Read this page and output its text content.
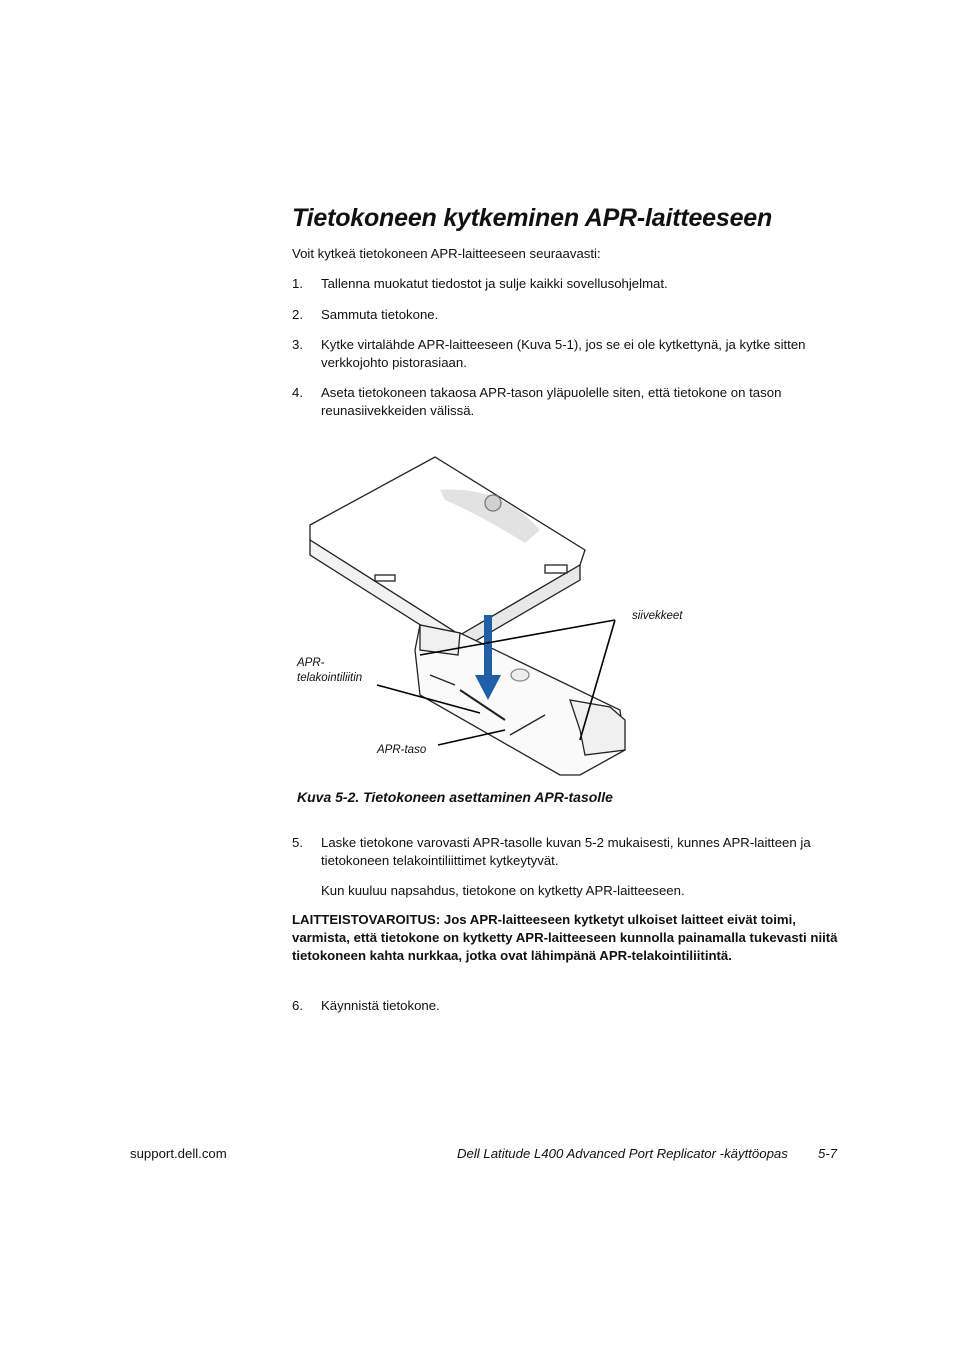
Tietokoneen kytkeminen APR-laitteeseen
Voit kytkeä tietokoneen APR-laitteeseen seuraavasti:
1.	Tallenna muokatut tiedostot ja sulje kaikki sovellusohjelmat.
2.	Sammuta tietokone.
3.	Kytke virtalähde APR-laitteeseen (Kuva 5-1), jos se ei ole kytkettynä, ja kytke sitten verkkojohto pistorasiaan.
4.	Aseta tietokoneen takaosa APR-tason yläpuolelle siten, että tietokone on tason reunasiivekkeiden välissä.
siivekkeet
APR-
telakointiliitin
APR-taso
Kuva 5-2. Tietokoneen asettaminen APR-tasolle
5.	Laske tietokone varovasti APR-tasolle kuvan 5-2 mukaisesti, kunnes APR-laitteen ja tietokoneen telakointiliittimet kytkeytyvät.
Kun kuuluu napsahdus, tietokone on kytketty APR-laitteeseen.
LAITTEISTOVAROITUS: Jos APR-laitteeseen kytketyt ulkoiset laitteet eivät toimi, varmista, että tietokone on kytketty APR-laitteeseen kunnolla painamalla tukevasti niitä tietokoneen kahta nurkkaa, jotka ovat lähimpänä APR-telakointiliitintä.
6.	Käynnistä tietokone.
support.dell.com	Dell Latitude L400 Advanced Port Replicator -käyttöopas 5-7
